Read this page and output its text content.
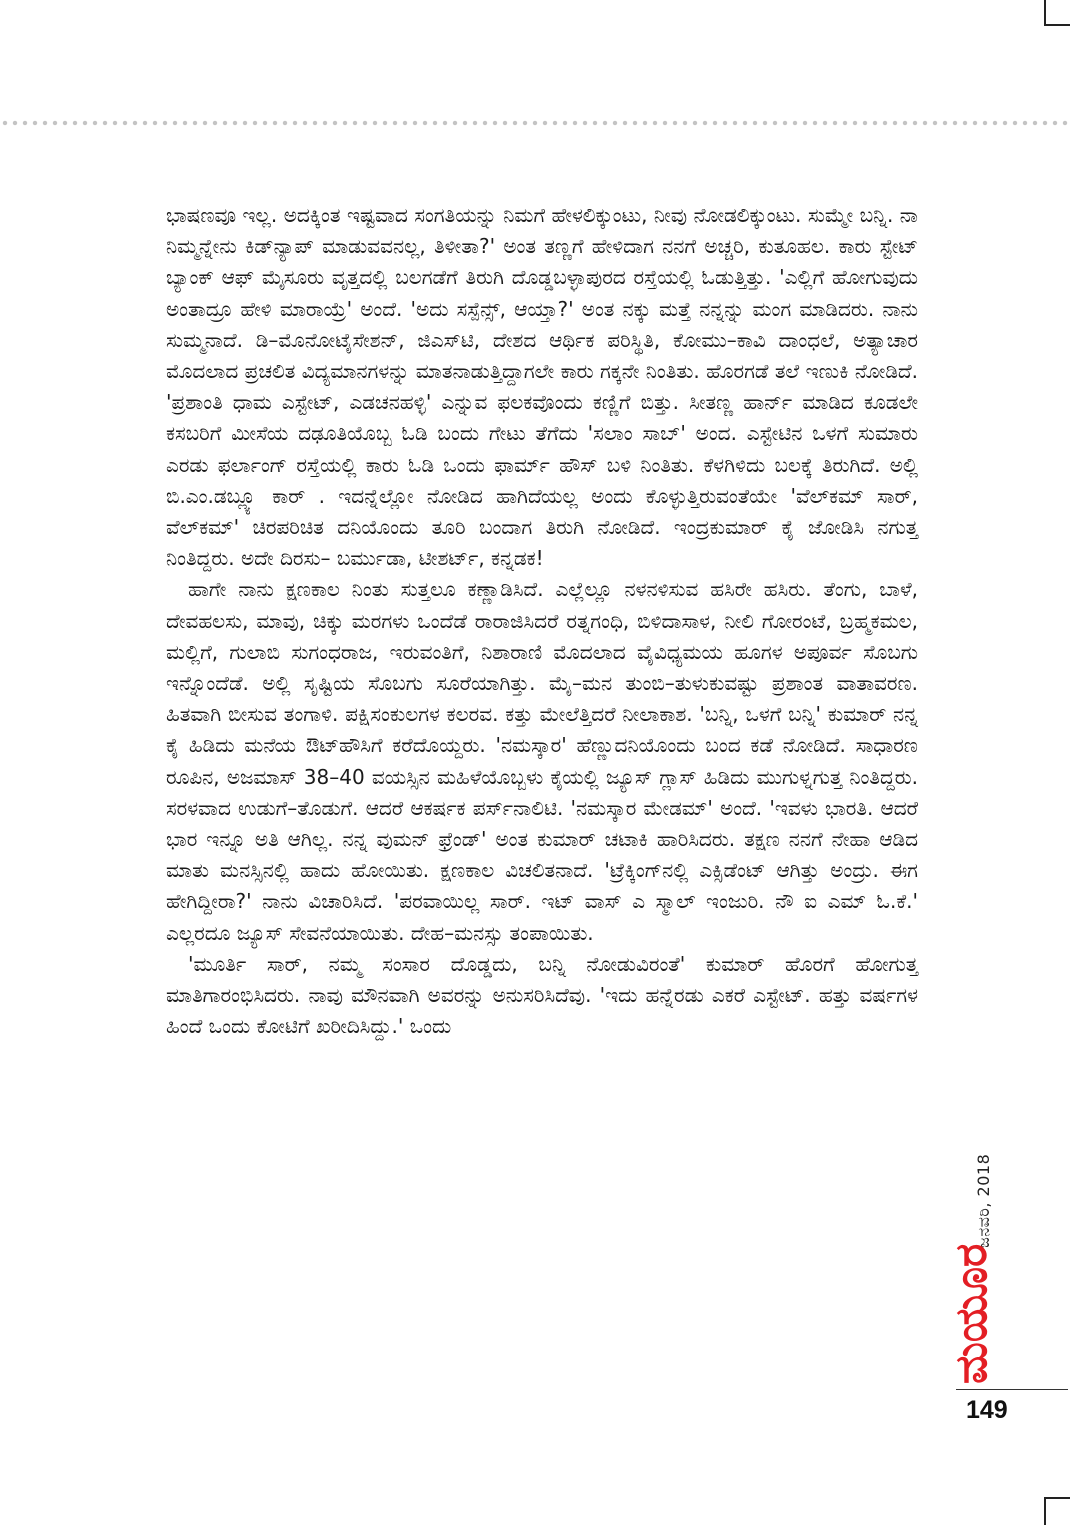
ಭಾಷಣವೂ ಇಲ್ಲ. ಅದಕ್ಕಿಂತ ಇಷ್ಟವಾದ ಸಂಗತಿಯನ್ನು ನಿಮಗೆ ಹೇಳಲಿಕ್ಕುಂಟು, ನೀವು ನೋಡಲಿಕ್ಕುಂಟು. ಸುಮ್ಮೇ ಬನ್ನಿ. ನಾ ನಿಮ್ಮನ್ನೇನು ಕಿಡ್‌ನ್ಯಾಪ್ ಮಾಡುವವನಲ್ಲ, ತಿಳೀತಾ?' ಅಂತ ತಣ್ಣಗೆ ಹೇಳಿದಾಗ ನನಗೆ ಅಚ್ಚರಿ, ಕುತೂಹಲ. ಕಾರು ಸ್ಟೇಟ್ ಬ್ಯಾಂಕ್ ಆಫ್ ಮೈಸೂರು ವೃತ್ತದಲ್ಲಿ ಬಲಗಡೆಗೆ ತಿರುಗಿ ದೊಡ್ಡಬಳ್ಳಾಪುರದ ರಸ್ತೆಯಲ್ಲಿ ಓಡುತ್ತಿತ್ತು. 'ಎಲ್ಲಿಗೆ ಹೋಗುವುದು ಅಂತಾದ್ರೂ ಹೇಳಿ ಮಾರಾಯ್ರೆ' ಅಂದೆ. 'ಅದು ಸಸ್ಪೆನ್ಸ್, ಆಯ್ತಾ?' ಅಂತ ನಕ್ಕು ಮತ್ತೆ ನನ್ನನ್ನು ಮಂಗ ಮಾಡಿದರು. ನಾನು ಸುಮ್ಮನಾದೆ. ಡಿ–ಮೊನೋಟೈಸೇಶನ್, ಜಿಎಸ್‌ಟಿ, ದೇಶದ ಆರ್ಥಿಕ ಪರಿಸ್ಥಿತಿ, ಕೋಮು–ಕಾವಿ ದಾಂಧಲೆ, ಅತ್ಯಾಚಾರ ಮೊದಲಾದ ಪ್ರಚಲಿತ ವಿದ್ಯಮಾನಗಳನ್ನು ಮಾತನಾಡುತ್ತಿದ್ದಾಗಲೇ ಕಾರು ಗಕ್ಕನೇ ನಿಂತಿತು. ಹೊರಗಡೆ ತಲೆ ಇಣುಕಿ ನೋಡಿದೆ. 'ಪ್ರಶಾಂತಿ ಧಾಮ ಎಸ್ಟೇಟ್, ಎಡಚನಹಳ್ಳಿ' ಎನ್ನುವ ಫಲಕವೊಂದು ಕಣ್ಣಿಗೆ ಬಿತ್ತು. ಸೀತಣ್ಣ ಹಾರ್ನ್ ಮಾಡಿದ ಕೂಡಲೇ ಕಸಬರಿಗೆ ಮೀಸೆಯ ದಢೂತಿಯೊಬ್ಬ ಓಡಿ ಬಂದು ಗೇಟು ತೆಗೆದು 'ಸಲಾಂ ಸಾಬ್' ಅಂದ. ಎಸ್ಟೇಟಿನ ಒಳಗೆ ಸುಮಾರು ಎರಡು ಫರ್ಲಾಂಗ್ ರಸ್ತೆಯಲ್ಲಿ ಕಾರು ಓಡಿ ಒಂದು ಫಾರ್ಮ್ ಹೌಸ್ ಬಳಿ ನಿಂತಿತು. ಕೆಳಗಿಳಿದು ಬಲಕ್ಕೆ ತಿರುಗಿದೆ. ಅಲ್ಲಿ ಬಿ.ಎಂ.ಡಬ್ಲ್ಯೂ ಕಾರ್ . ಇದನ್ನೆಲ್ಲೋ ನೋಡಿದ ಹಾಗಿದೆಯಲ್ಲ ಅಂದು ಕೊಳ್ಳುತ್ತಿರುವಂತೆಯೇ 'ವೆಲ್‌ಕಮ್ ಸಾರ್, ವೆಲ್‌ಕಮ್' ಚಿರಪರಿಚಿತ ದನಿಯೊಂದು ತೂರಿ ಬಂದಾಗ ತಿರುಗಿ ನೋಡಿದೆ. ಇಂದ್ರಕುಮಾರ್ ಕೈ ಜೋಡಿಸಿ ನಗುತ್ತ ನಿಂತಿದ್ದರು. ಅದೇ ದಿರಸು– ಬರ್ಮುಡಾ, ಟೀಶರ್ಟ್, ಕನ್ನಡಕ!

ಹಾಗೇ ನಾನು ಕ್ಷಣಕಾಲ ನಿಂತು ಸುತ್ತಲೂ ಕಣ್ಣಾಡಿಸಿದೆ. ಎಲ್ಲೆಲ್ಲೂ ನಳನಳಿಸುವ ಹಸಿರೇ ಹಸಿರು. ತೆಂಗು, ಬಾಳೆ, ದೇವಹಲಸು, ಮಾವು, ಚಿಕ್ಕು ಮರಗಳು ಒಂದೆಡೆ ರಾರಾಜಿಸಿದರೆ ರತ್ನಗಂಧಿ, ಬಿಳಿದಾಸಾಳ, ನೀಲಿ ಗೋರಂಟೆ, ಬ್ರಹ್ಮಕಮಲ, ಮಲ್ಲಿಗೆ, ಗುಲಾಬಿ ಸುಗಂಧರಾಜ, ಇರುವಂತಿಗೆ, ನಿಶಾರಾಣಿ ಮೊದಲಾದ ವೈವಿಧ್ಯಮಯ ಹೂಗಳ ಅಪೂರ್ವ ಸೊಬಗು ಇನ್ನೊಂದೆಡೆ. ಅಲ್ಲಿ ಸೃಷ್ಟಿಯ ಸೊಬಗು ಸೂರೆಯಾಗಿತ್ತು. ಮೈ–ಮನ ತುಂಬಿ–ತುಳುಕುವಷ್ಟು ಪ್ರಶಾಂತ ವಾತಾವರಣ. ಹಿತವಾಗಿ ಬೀಸುವ ತಂಗಾಳಿ. ಪಕ್ಷಿಸಂಕುಲಗಳ ಕಲರವ. ಕತ್ತು ಮೇಲೆತ್ತಿದರೆ ನೀಲಾಕಾಶ. 'ಬನ್ನಿ, ಒಳಗೆ ಬನ್ನಿ' ಕುಮಾರ್ ನನ್ನ ಕೈ ಹಿಡಿದು ಮನೆಯ ಔಟ್‌ಹೌಸಿಗೆ ಕರೆದೊಯ್ದರು. 'ನಮಸ್ಕಾರ' ಹೆಣ್ಣುದನಿಯೊಂದು ಬಂದ ಕಡೆ ನೋಡಿದೆ. ಸಾಧಾರಣ ರೂಪಿನ, ಅಜಮಾಸ್ 38–40 ವಯಸ್ಸಿನ ಮಹಿಳೆಯೊಬ್ಬಳು ಕೈಯಲ್ಲಿ ಜ್ಯೂಸ್ ಗ್ಲಾಸ್ ಹಿಡಿದು ಮುಗುಳ್ನಗುತ್ತ ನಿಂತಿದ್ದರು. ಸರಳವಾದ ಉಡುಗೆ–ತೊಡುಗೆ. ಆದರೆ ಆಕರ್ಷಕ ಪರ್ಸ್‌ನಾಲಿಟಿ. 'ನಮಸ್ಕಾರ ಮೇಡಮ್' ಅಂದೆ. 'ಇವಳು ಭಾರತಿ. ಆದರೆ ಭಾರ ಇನ್ನೂ ಅತಿ ಆಗಿಲ್ಲ. ನನ್ನ ವುಮನ್ ಫ್ರೆಂಡ್' ಅಂತ ಕುಮಾರ್ ಚಟಾಕಿ ಹಾರಿಸಿದರು. ತಕ್ಷಣ ನನಗೆ ನೇಹಾ ಆಡಿದ ಮಾತು ಮನಸ್ಸಿನಲ್ಲಿ ಹಾದು ಹೋಯಿತು. ಕ್ಷಣಕಾಲ ವಿಚಲಿತನಾದೆ. 'ಟ್ರೆಕ್ಕಿಂಗ್‌ನಲ್ಲಿ ಎಕ್ಸಿಡೆಂಟ್ ಆಗಿತ್ತು ಅಂದ್ರು. ಈಗ ಹೇಗಿದ್ದೀರಾ?' ನಾನು ವಿಚಾರಿಸಿದೆ. 'ಪರವಾಯಿಲ್ಲ ಸಾರ್. ಇಟ್ ವಾಸ್ ಎ ಸ್ಮಾಲ್ ಇಂಜುರಿ. ನೌ ಐ ಎಮ್ ಓ.ಕೆ.' ಎಲ್ಲರದೂ ಜ್ಯೂಸ್ ಸೇವನೆಯಾಯಿತು. ದೇಹ–ಮನಸ್ಸು ತಂಪಾಯಿತು.

'ಮೂರ್ತಿ ಸಾರ್, ನಮ್ಮ ಸಂಸಾರ ದೊಡ್ಡದು, ಬನ್ನಿ ನೋಡುವಿರಂತೆ' ಕುಮಾರ್ ಹೊರಗೆ ಹೋಗುತ್ತ ಮಾತಿಗಾರಂಭಿಸಿದರು. ನಾವು ಮೌನವಾಗಿ ಅವರನ್ನು ಅನುಸರಿಸಿದೆವು. 'ಇದು ಹನ್ನೆರಡು ಎಕರೆ ಎಸ್ಟೇಟ್. ಹತ್ತು ವರ್ಷಗಳ ಹಿಂದೆ ಒಂದು ಕೋಟಿಗೆ ಖರೀದಿಸಿದ್ದು.' ಒಂದು

ಜನವರಿ, 2018
ಮಯೂರ
149
